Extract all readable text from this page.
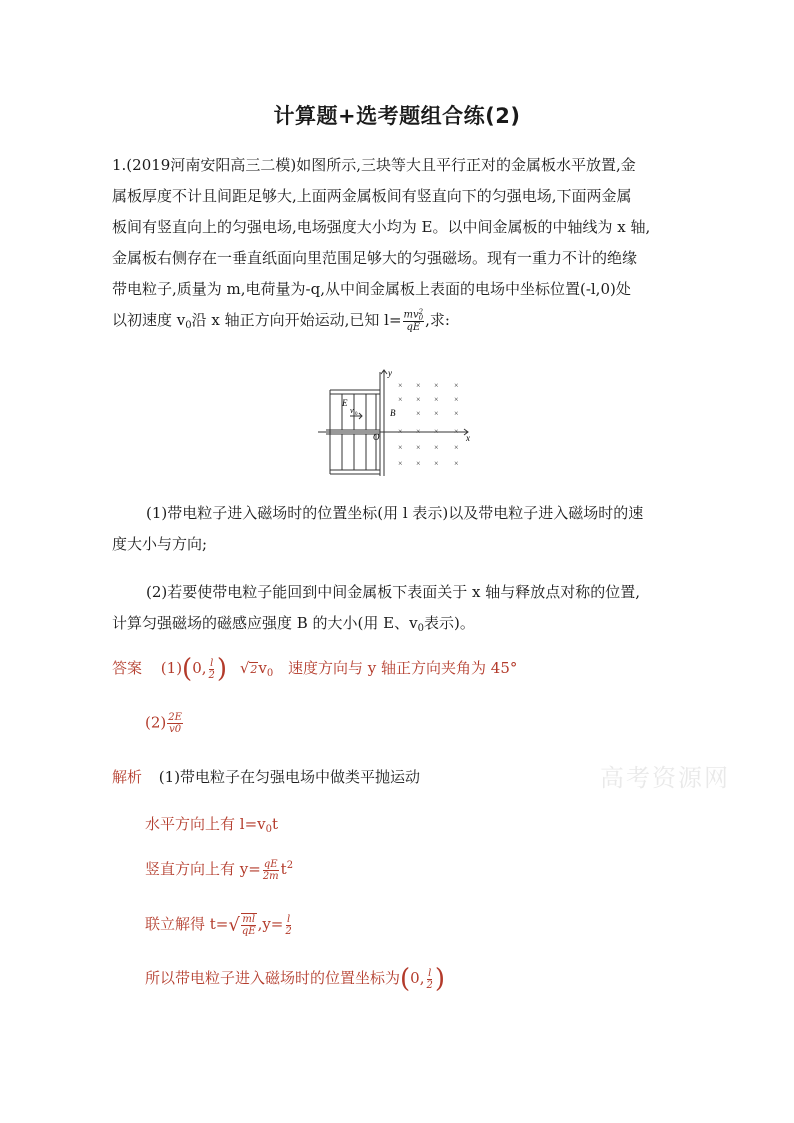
计算题+选考题组合练(2)
1.(2019河南安阳高三二模)如图所示,三块等大且平行正对的金属板水平放置,金
属板厚度不计且间距足够大,上面两金属板间有竖直向下的匀强电场,下面两金属
板间有竖直向上的匀强电场,电场强度大小均为 E。以中间金属板的中轴线为 x 轴,
金属板右侧存在一垂直纸面向里范围足够大的匀强磁场。现有一重力不计的绝缘
带电粒子,质量为 m,电荷量为-q,从中间金属板上表面的电场中坐标位置(-l,0)处
以初速度 $v_0$沿 x 轴正方向开始运动,已知 l= mv 2
0
qE ,求:
E
v 0	B
O	x
y
× × × ×
× × × ×
× × ×
× × × ×
× × × ×
× × × ×
(1)带电粒子进入磁场时的位置坐标(用 l 表示)以及带电粒子进入磁场时的速
度大小与方向;
(2)若要使带电粒子能回到中间金属板下表面关于 x 轴与释放点对称的位置,
计算匀强磁场的磁感应强度 B 的大小(用 E、$v_0$表示)。
答案 (1)(0, $\frac{l}{2}$ ) $√2v_0$ 速度方向与 y 轴正方向夹角为 45°
$(2) \frac{2E}{v0}$
解析 (1)带电粒子在匀强电场中做类平抛运动
水平方向上有 $l=v_0t$
竖直方向上有 $y= \frac{qE}{2m} t^2$
联立解得 $t=√ \frac{ml}{qE} ,y= \frac{l}{2}$
所以带电粒子进入磁场时的位置坐标为(0, $\frac{l}{2}$ )
高考资源网
